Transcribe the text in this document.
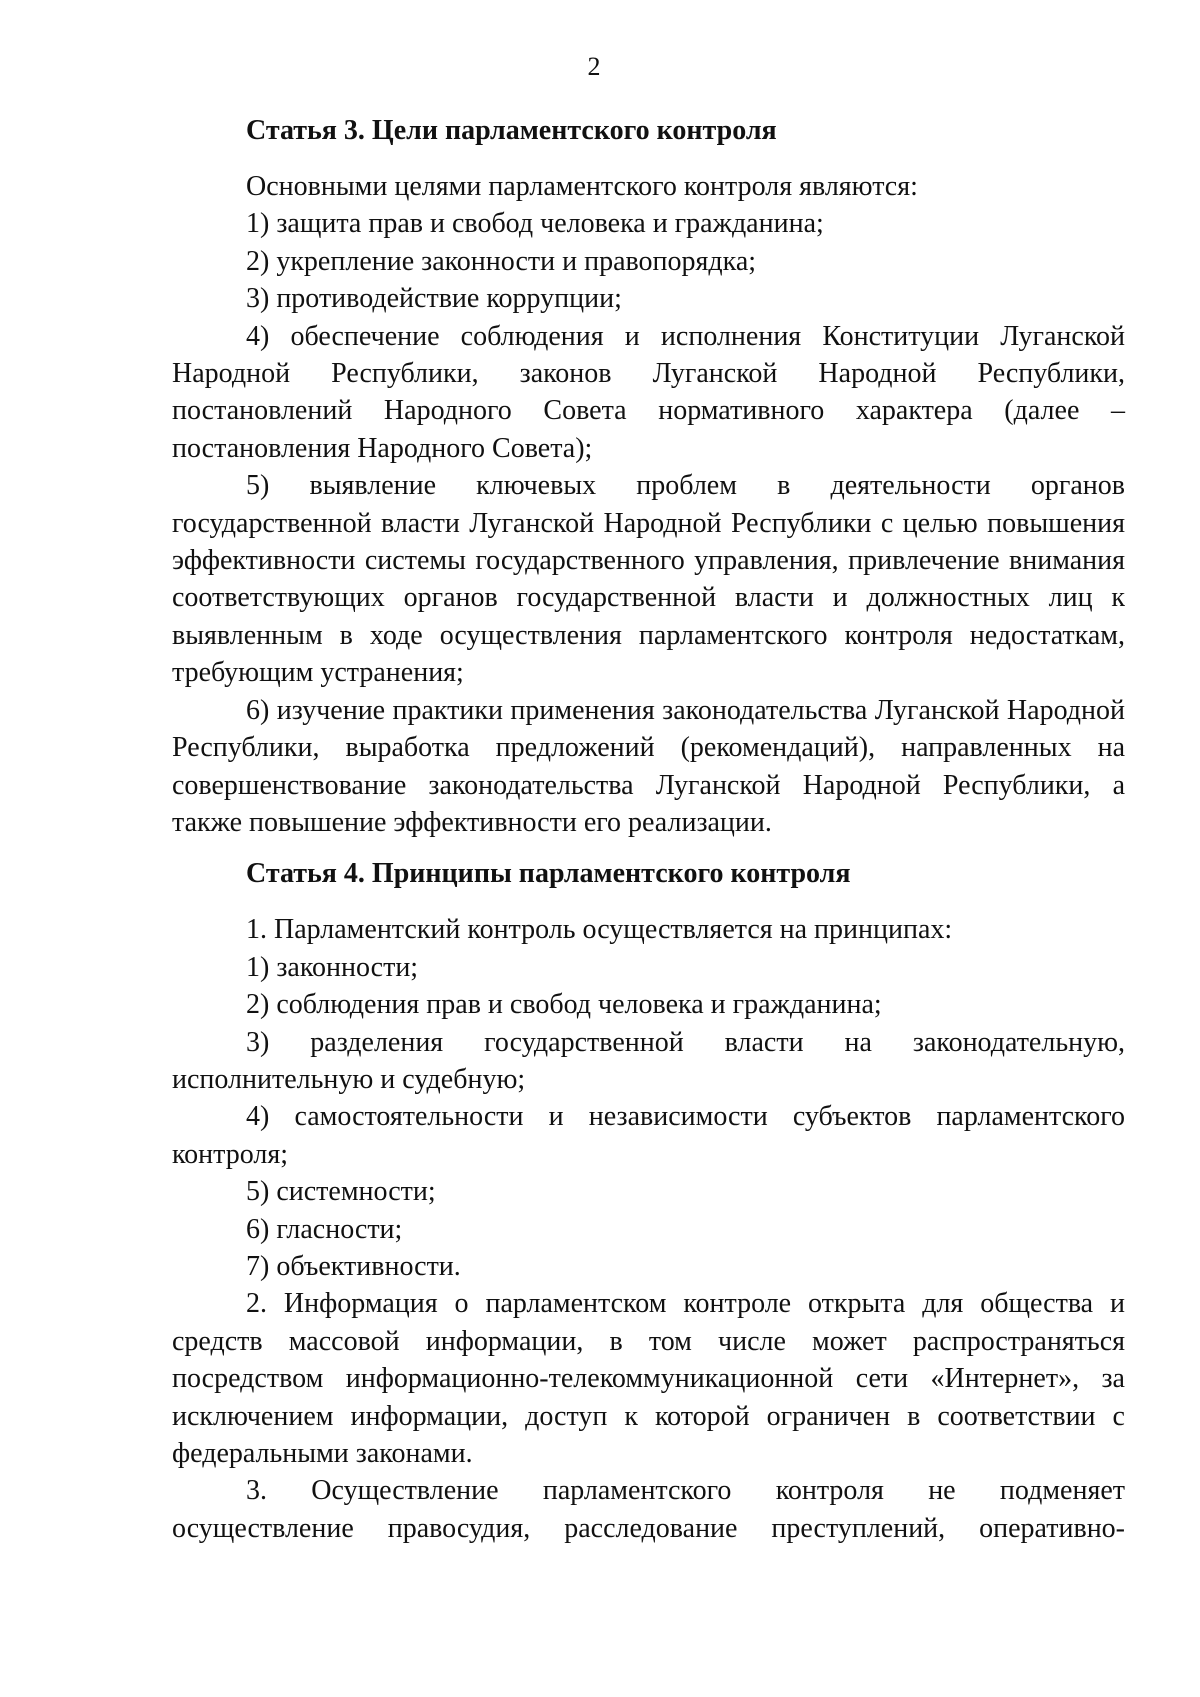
2

Статья 3. Цели парламентского контроля

Основными целями парламентского контроля являются:

1) защита прав и свобод человека и гражданина;

2) укрепление законности и правопорядка;

3) противодействие коррупции;

4) обеспечение соблюдения и исполнения Конституции Луганской Народной Республики, законов Луганской Народной Республики, постановлений Народного Совета нормативного характера (далее – постановления Народного Совета);

5) выявление ключевых проблем в деятельности органов государственной власти Луганской Народной Республики с целью повышения эффективности системы государственного управления, привлечение внимания соответствующих органов государственной власти и должностных лиц к выявленным в ходе осуществления парламентского контроля недостаткам, требующим устранения;

6) изучение практики применения законодательства Луганской Народной Республики, выработка предложений (рекомендаций), направленных на совершенствование законодательства Луганской Народной Республики, а также повышение эффективности его реализации.

Статья 4. Принципы парламентского контроля

1. Парламентский контроль осуществляется на принципах:

1) законности;

2) соблюдения прав и свобод человека и гражданина;

3) разделения государственной власти на законодательную, исполнительную и судебную;

4) самостоятельности и независимости субъектов парламентского контроля;

5) системности;

6) гласности;

7) объективности.

2. Информация о парламентском контроле открыта для общества и средств массовой информации, в том числе может распространяться посредством информационно-телекоммуникационной сети «Интернет», за исключением информации, доступ к которой ограничен в соответствии с федеральными законами.

3. Осуществление парламентского контроля не подменяет осуществление правосудия, расследование преступлений, оперативно-
